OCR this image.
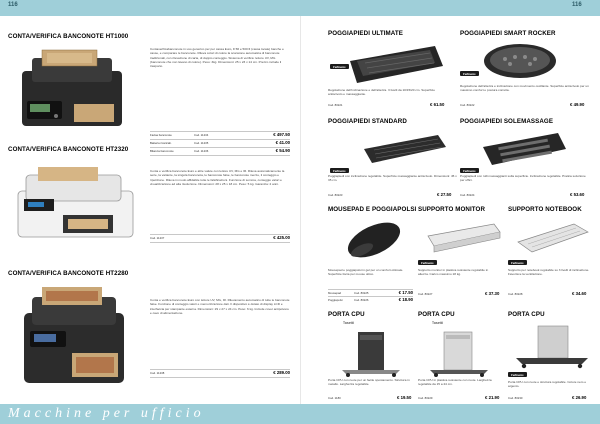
116	116
Macchine per ufficio
CONTA/VERIFICA BANCONOTE HT1000
Contaverificabanconote in uso generico per per cassa Euro, € 5€ e 500 € (cassa locale) banche e casse, e comparare le banconote. Rileva colori di colore la scansione automatica di banconote tradizionali, con rilevazione di carta, di doppio conteggio. Sistema di verifica: lettore UV, MG (banconote che non lavano di colore). Peso: 3kg. Dimensioni: 25 x 23 x 14 cm. Prezzo include il trasporto.
Fadoa banconote	Cod. 11234	€ 497.50
Batteria ricaricab.	Cod. 11235	€ 41.00
Bilancia banconote	Cod. 11236	€ 54.90
CONTA/VERIFICA BANCONOTE HT2320
Conta e verifica banconote Euro e altre valute con lettore UV, MG e IR. Rileva automaticamente la serie, la variante, la singola banconota, le banconote false, le banconote mezze, il conteggio e ripetizione. Rileva in modo affidabile tutte le falsificazioni. Funzione di somma, conteggio valori e visualizzazione ad alta risoluzione. Dimensioni: 28 x 25 x 18 cm. Peso: 5 kg. Garanzia: 2 anni.
Cod. 11237	€ 425.00
CONTA/VERIFICA BANCONOTE HT2280
Conta e verifica banconote Euro con lettore UV, MG, IR. Rilevamento automatico di tutte le banconote false. Funzione di conteggio valori e memorizzazione dati. Il dispositivo è dotato di display LCD e interfaccia per stampante esterna. Dimensioni: 29 x 27 x 24 cm. Peso: 6 kg. Include cover antipolvere e cavo di alimentazione.
Cod. 11238	€ 289.00
POGGIAPIEDI ULTIMATE
Fellowes
Regolazione dell'inclinazione e dell'altezza. 3 livelli da 10/15/20 cm. Superficie antiscivolo e massaggiante.
Cod. 80221	€ 61.50
POGGIAPIEDI SMART ROCKER
Fellowes
Regolazione dell'altezza e inclinazione con movimento oscillante. Superficie antiscivolo per un massimo comfort e postura corretta.
Cod. 80222	€ 49.90
POGGIAPIEDI STANDARD
Fellowes
Poggiapiedi con inclinazione regolabile. Superficie massaggiante antiscivolo. Dimensioni: 45 x 35 cm.
Cod. 80223	€ 27.50
POGGIAPIEDI SOLEMASSAGE
Fellowes
Poggiapiedi con rulli massaggianti sulla superficie. Inclinazione regolabile. Pratica soluzione per uffici.
Cod. 80224	€ 53.60
MOUSEPAD E POGGIAPOLSI
Mousepad e poggiapolsi in gel per un comfort ottimale. Superficie liscia per mouse ottico.
Mousepad	Cod. 80225	€ 17.50
Poggiapolsi	Cod. 80226	€ 18.90
SUPPORTO MONITOR
Fellowes
Supporto monitor in plastica resistente regolabile in altezza. Carico massimo 18 kg.
Cod. 80227	€ 37.30
SUPPORTO NOTEBOOK
Fellowes
Supporto per notebook regolabile su 3 livelli di inclinazione. Favorisce la ventilazione.
Cod. 80228	€ 34.60
PORTA CPU
Tosetti
Porta CPU con ruote per un facile spostamento. Struttura in metallo. Larghezza regolabile.
Cod. 1180	€ 19.50
PORTA CPU
Tosetti
Porta CPU in plastica resistente con ruote. Larghezza regolabile da 15 a 24 cm.
Cod. 80229	€ 21.90
PORTA CPU
Fellowes
Porta CPU con ruote e struttura regolabile. Colore nero e argento.
Cod. 80230	€ 26.90
